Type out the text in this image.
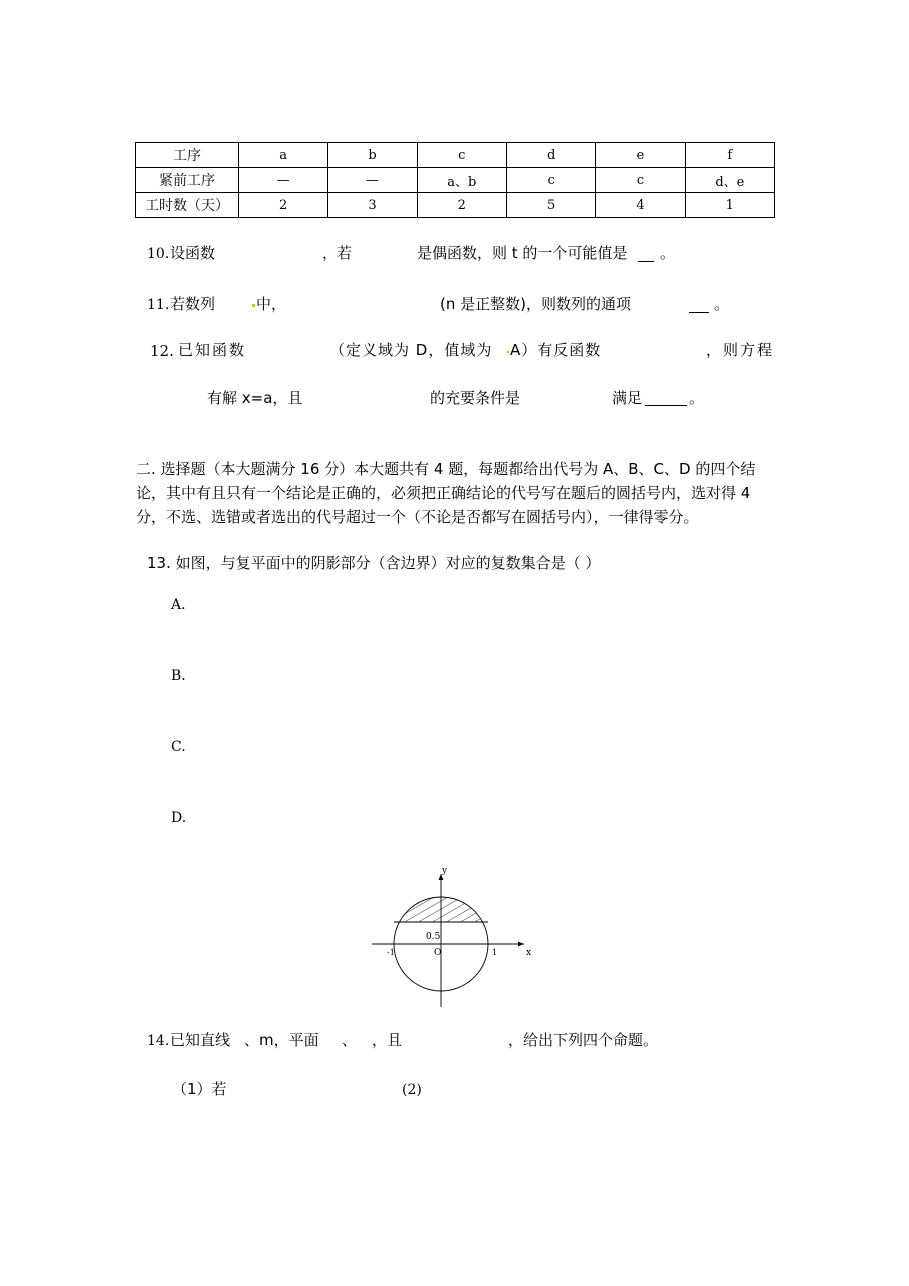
工序	a	b	c	d	e	f
紧前工序	—	—	a、b	c	c	d、e
工时数（天）	2	3	2	5	4	1
10. 设函数	，若	是偶函数，则 t 的一个可能值是 。
11. 若数列	中，	(n 是正整数)，则数列的通项	。
12. 已知函数	（定义域为 D，值域为 A）有反函数	，则方程
有解 x=a，且	的充要条件是	满足	。
二. 选择题（本大题满分 16 分）本大题共有 4 题，每题都给出代号为 A、B、C、D 的四个结论，其中有且只有一个结论是正确的，必须把正确结论的代号写在题后的圆括号内，选对得 4 分，不选、选错或者选出的代号超过一个（不论是否都写在圆括号内），一律得零分。
13. 如图，与复平面中的阴影部分（含边界）对应的复数集合是（ ）
A.
B.
C.
D.
y
x
0.5
O
-1	1
14. 已知直线 、m，平面 、 ，且	，给出下列四个命题。
（1）若	(2)
